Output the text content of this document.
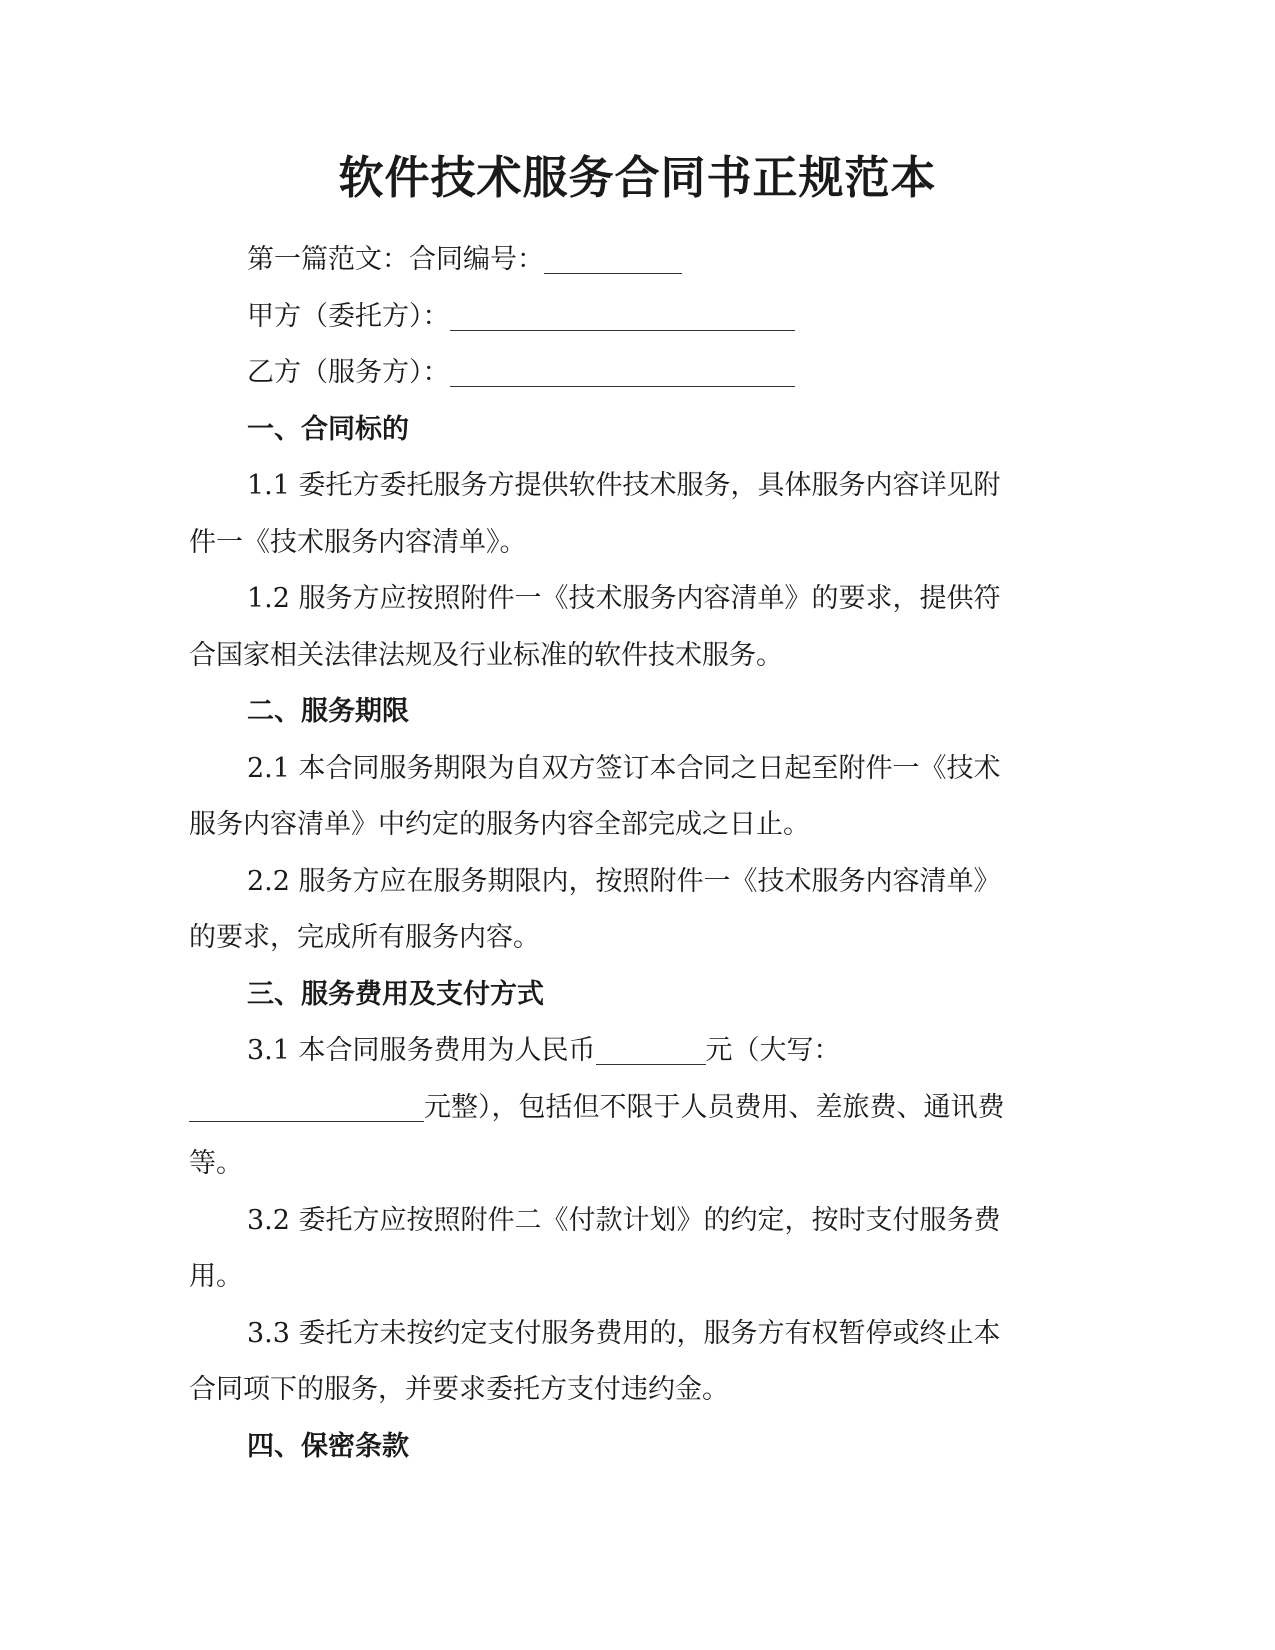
软件技术服务合同书正规范本
第一篇范文：合同编号：
甲方（委托方）：
乙方（服务方）：
一、合同标的
1.1 委托方委托服务方提供软件技术服务，具体服务内容详见附
件一《技术服务内容清单》。
1.2 服务方应按照附件一《技术服务内容清单》的要求，提供符
合国家相关法律法规及行业标准的软件技术服务。
二、服务期限
2.1 本合同服务期限为自双方签订本合同之日起至附件一《技术
服务内容清单》中约定的服务内容全部完成之日止。
2.2 服务方应在服务期限内，按照附件一《技术服务内容清单》
的要求，完成所有服务内容。
三、服务费用及支付方式
3.1 本合同服务费用为人民币	元（大写：
元整），包括但不限于人员费用、差旅费、通讯费
等。
3.2 委托方应按照附件二《付款计划》的约定，按时支付服务费
用。
3.3 委托方未按约定支付服务费用的，服务方有权暂停或终止本
合同项下的服务，并要求委托方支付违约金。
四、保密条款
